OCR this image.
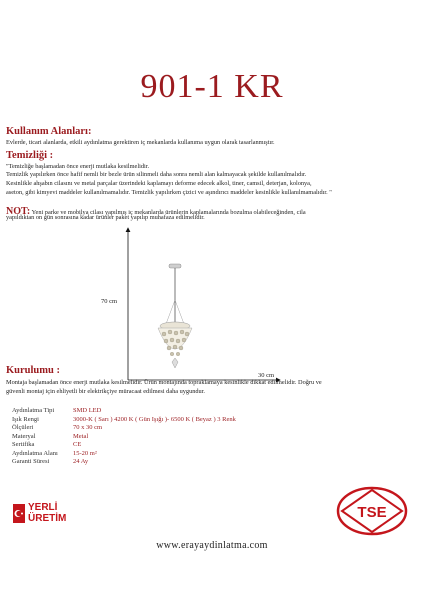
901-1 KR
Kullanım Alanları:
Evlerde, ticari alanlarda, etkili aydınlatma gerektiren iç mekanlarda kullanıma uygun olarak tasarlanmıştır.
Temizliği :
"Temizliğe başlamadan önce enerji mutlaka kesilmelidir.
Temizlik yapılırken önce hafif nemli bir bezle ürün silinmeli daha sonra nemli alan kalmayacak şekilde kullanılmalıdır.
Kesinlikle ahşabın cilasını ve metal parçalar üzerindeki kaplamayı deforme edecek alkol, tiner, camsil, deterjan, kolonya,
aseton, gibi kimyevi maddeler kullanılmamalıdır. Temizlik yapılırken çizici ve aşındırıcı maddeler kesinlikle kullanılmamalıdır. "
NOT: Yeni parke ve mobilya cilası yapılmış iç mekanlarda ürünlerin kaplamalarında bozulma olabileceğinden, cila
yapıldıktan on gün sonrasına kadar ürünler paket yapılıp muhafaza edilmelidir.
70 cm
30 cm
Kurulumu :
Montaja başlamadan önce enerji mutlaka kesilmelidir. Ürün montajında topraklamaya kesinlikle dikkat edilmelidir. Doğru ve
güvenli montaj için ehliyetli bir elektrikçiye müracaat edilmesi daha uygundur.
Aydınlatma Tipi	SMD LED
Işık Rengi	3000-K ( Sarı ) 4200 K ( Gün Işığı )- 6500 K ( Beyaz ) 3 Renk
Ölçüleri	70 x 30 cm
Materyal	Metal
Sertifika	CE
Aydınlatma Alanı	15-20 m²
Garanti Süresi	24 Ay
YERLİ
ÜRETİM	TSE
www.erayaydinlatma.com
